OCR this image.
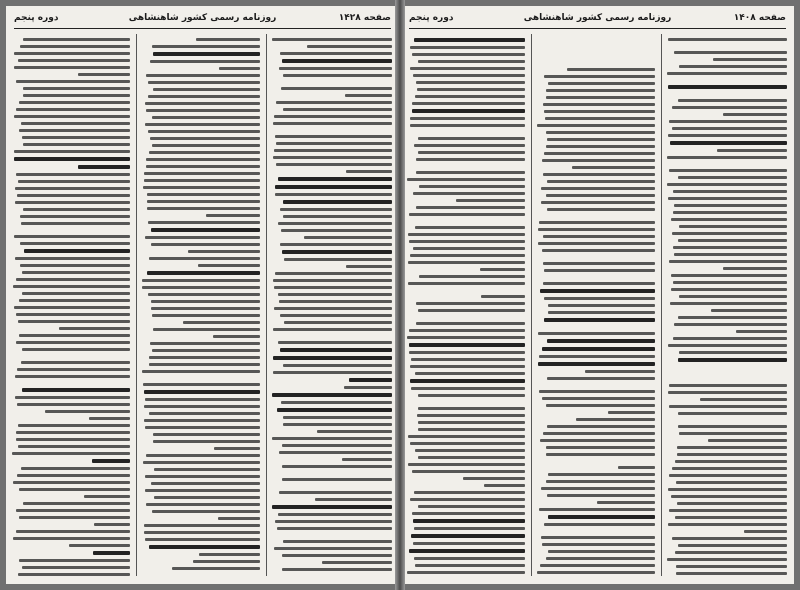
صفحه ۱۴۲۸
روزنامه رسمی کشور شاهنشاهی
دوره پنجم	صفحه ۱۴۰۸
روزنامه رسمی کشور شاهنشاهی
دوره پنجم
